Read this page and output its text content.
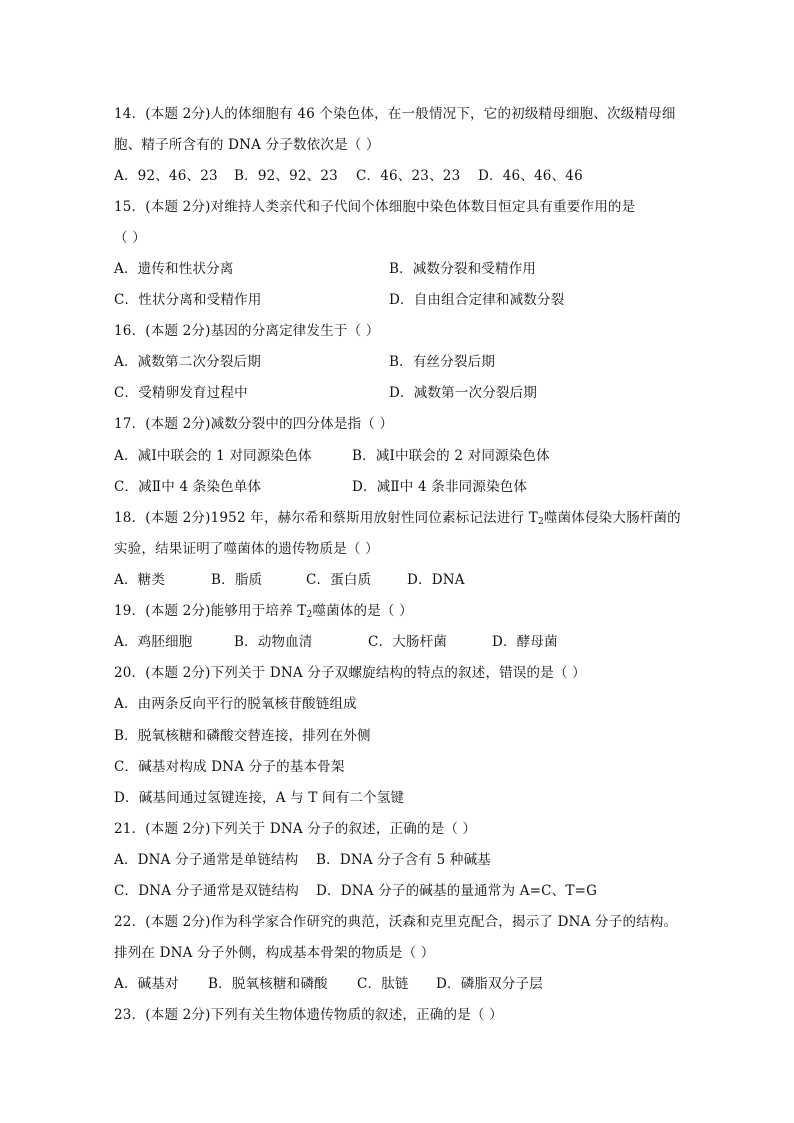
14．(本题 2分)人的体细胞有 46 个染色体，在一般情况下，它的初级精母细胞、次级精母细
胞、精子所含有的 DNA 分子数依次是（ ）
A．92、46、23 B．92、92、23 C．46、23、23 D．46、46、46
15．(本题 2分)对维持人类亲代和子代间个体细胞中染色体数目恒定具有重要作用的是
（ ）
A．遗传和性状分离	B．减数分裂和受精作用
C．性状分离和受精作用	D．自由组合定律和减数分裂
16．(本题 2分)基因的分离定律发生于（ ）
A．减数第二次分裂后期	B．有丝分裂后期
C．受精卵发育过程中	D．减数第一次分裂后期
17．(本题 2分)减数分裂中的四分体是指（ ）
A．减Ⅰ中联会的 1 对同源染色体	B．减Ⅰ中联会的 2 对同源染色体
C．减Ⅱ中 4 条染色单体	D．减Ⅱ中 4 条非同源染色体
18．(本题 2分)1952 年，赫尔希和蔡斯用放射性同位素标记法进行 $T_2$噬菌体侵染大肠杆菌的
实验，结果证明了噬菌体的遗传物质是（ ）
A．糖类	B．脂质	C．蛋白质	D．DNA
19．(本题 2分)能够用于培养 $T_2$噬菌体的是（ ）
A．鸡胚细胞	B．动物血清	C．大肠杆菌	D．酵母菌
20．(本题 2分)下列关于 DNA 分子双螺旋结构的特点的叙述，错误的是（ ）
A．由两条反向平行的脱氧核苷酸链组成
B．脱氧核糖和磷酸交替连接，排列在外侧
C．碱基对构成 DNA 分子的基本骨架
D．碱基间通过氢键连接，A 与 T 间有二个氢键
21．(本题 2分)下列关于 DNA 分子的叙述，正确的是（ ）
A．DNA 分子通常是单链结构 B．DNA 分子含有 5 种碱基
C．DNA 分子通常是双链结构 D．DNA 分子的碱基的量通常为 A=C、T=G
22．(本题 2分)作为科学家合作研究的典范，沃森和克里克配合，揭示了 DNA 分子的结构。
排列在 DNA 分子外侧，构成基本骨架的物质是（ ）
A．碱基对 B．脱氧核糖和磷酸 C．肽链 D．磷脂双分子层
23．(本题 2分)下列有关生物体遗传物质的叙述，正确的是（ ）
